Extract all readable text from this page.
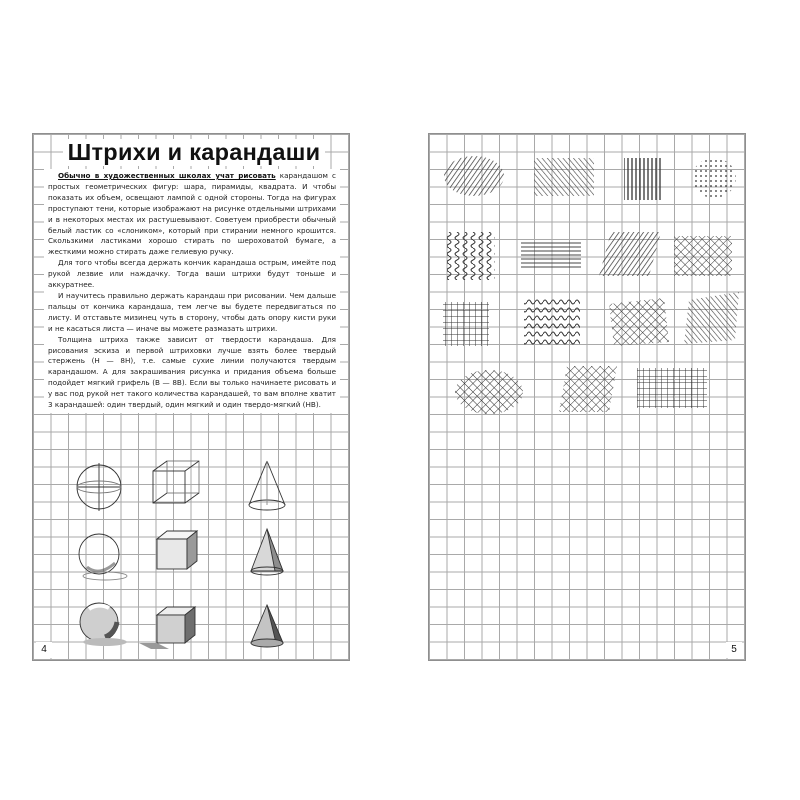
Штрихи и карандаши

Обычно в художественных школах учат рисовать карандашом с простых геометрических фигур: шара, пирамиды, квадрата. И чтобы показать их объем, освещают лампой с одной стороны. Тогда на фигурах проступают тени, которые изображают на рисунке отдельными штрихами и в некоторых местах их растушевывают. Советуем приобрести обычный белый ластик со «слоником», который при стирании немного крошится. Скользкими ластиками хорошо стирать по шероховатой бумаге, а жесткими можно стирать даже гелиевую ручку.

Для того чтобы всегда держать кончик карандаша острым, имейте под рукой лезвие или наждачку. Тогда ваши штрихи будут тоньше и аккуратнее.

И научитесь правильно держать карандаш при рисовании. Чем дальше пальцы от кончика карандаша, тем легче вы будете передвигаться по листу. И отставьте мизинец чуть в сторону, чтобы дать опору кисти руки и не касаться листа — иначе вы можете размазать штрихи.

Толщина штриха также зависит от твердости карандаша. Для рисования эскиза и первой штриховки лучше взять более твердый стержень (H — 8H), т.е. самые сухие линии получаются твердым карандашом. А для закрашивания рисунка и придания объема больше подойдет мягкий грифель (B — 8B). Если вы только начинаете рисовать и у вас под рукой нет такого количества карандашей, то вам вполне хватит 3 карандашей: один твердый, один мягкий и один твердо-мягкий (HB).

4	5
